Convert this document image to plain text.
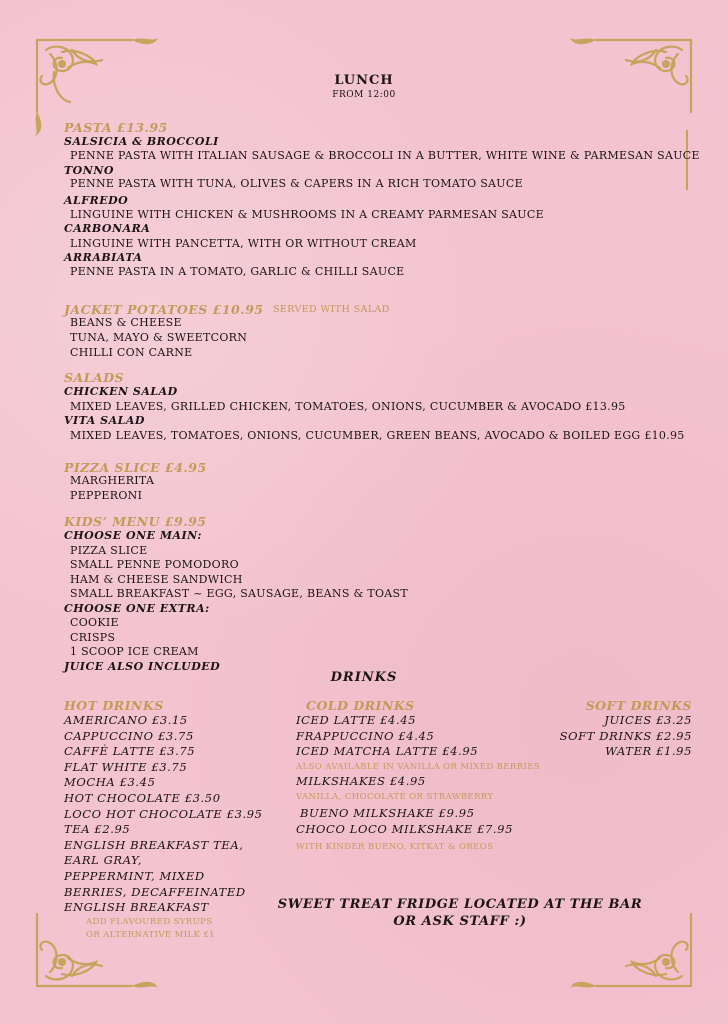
LUNCH
FROM 12:00
PASTA £13.95
SALSICIA & BROCCOLI
PENNE PASTA WITH ITALIAN SAUSAGE & BROCCOLI IN A BUTTER, WHITE WINE & PARMESAN SAUCE
TONNO
PENNE PASTA WITH TUNA, OLIVES & CAPERS IN A RICH TOMATO SAUCE
ALFREDO
LINGUINE WITH CHICKEN & MUSHROOMS IN A CREAMY PARMESAN SAUCE
CARBONARA
LINGUINE WITH PANCETTA, WITH OR WITHOUT CREAM
ARRABIATA
PENNE PASTA IN A TOMATO, GARLIC & CHILLI SAUCE
JACKET POTATOES £10.95 SERVED WITH SALAD
BEANS & CHEESE
TUNA, MAYO & SWEETCORN
CHILLI CON CARNE
SALADS
CHICKEN SALAD
MIXED LEAVES, GRILLED CHICKEN, TOMATOES, ONIONS, CUCUMBER & AVOCADO £13.95
VITA SALAD
MIXED LEAVES, TOMATOES, ONIONS, CUCUMBER, GREEN BEANS, AVOCADO & BOILED EGG £10.95
PIZZA SLICE £4.95
MARGHERITA
PEPPERONI
KIDS’ MENU £9.95
CHOOSE ONE MAIN:
PIZZA SLICE
SMALL PENNE POMODORO
HAM & CHEESE SANDWICH
SMALL BREAKFAST ~ EGG, SAUSAGE, BEANS & TOAST
CHOOSE ONE EXTRA:
COOKIE
CRISPS
1 SCOOP ICE CREAM
JUICE ALSO INCLUDED
DRINKS
HOT DRINKS
AMERICANO £3.15
CAPPUCCINO £3.75
CAFFÈ LATTE £3.75
FLAT WHITE £3.75
MOCHA £3.45
HOT CHOCOLATE £3.50
LOCO HOT CHOCOLATE £3.95
TEA £2.95
ENGLISH BREAKFAST TEA,
EARL GRAY,
PEPPERMINT, MIXED
BERRIES, DECAFFEINATED
ENGLISH BREAKFAST
ADD FLAVOURED SYRUPS
OR ALTERNATIVE MILK £1
COLD DRINKS
ICED LATTE £4.45
FRAPPUCCINO £4.45
ICED MATCHA LATTE £4.95
ALSO AVAILABLE IN VANILLA OR MIXED BERRIES
MILKSHAKES £4.95
VANILLA, CHOCOLATE OR STRAWBERRY
BUENO MILKSHAKE £9.95
CHOCO LOCO MILKSHAKE £7.95
WITH KINDER BUENO, KITKAT & OREOS
SOFT DRINKS
JUICES £3.25
SOFT DRINKS £2.95
WATER £1.95
SWEET TREAT FRIDGE LOCATED AT THE BAR
OR ASK STAFF :)
